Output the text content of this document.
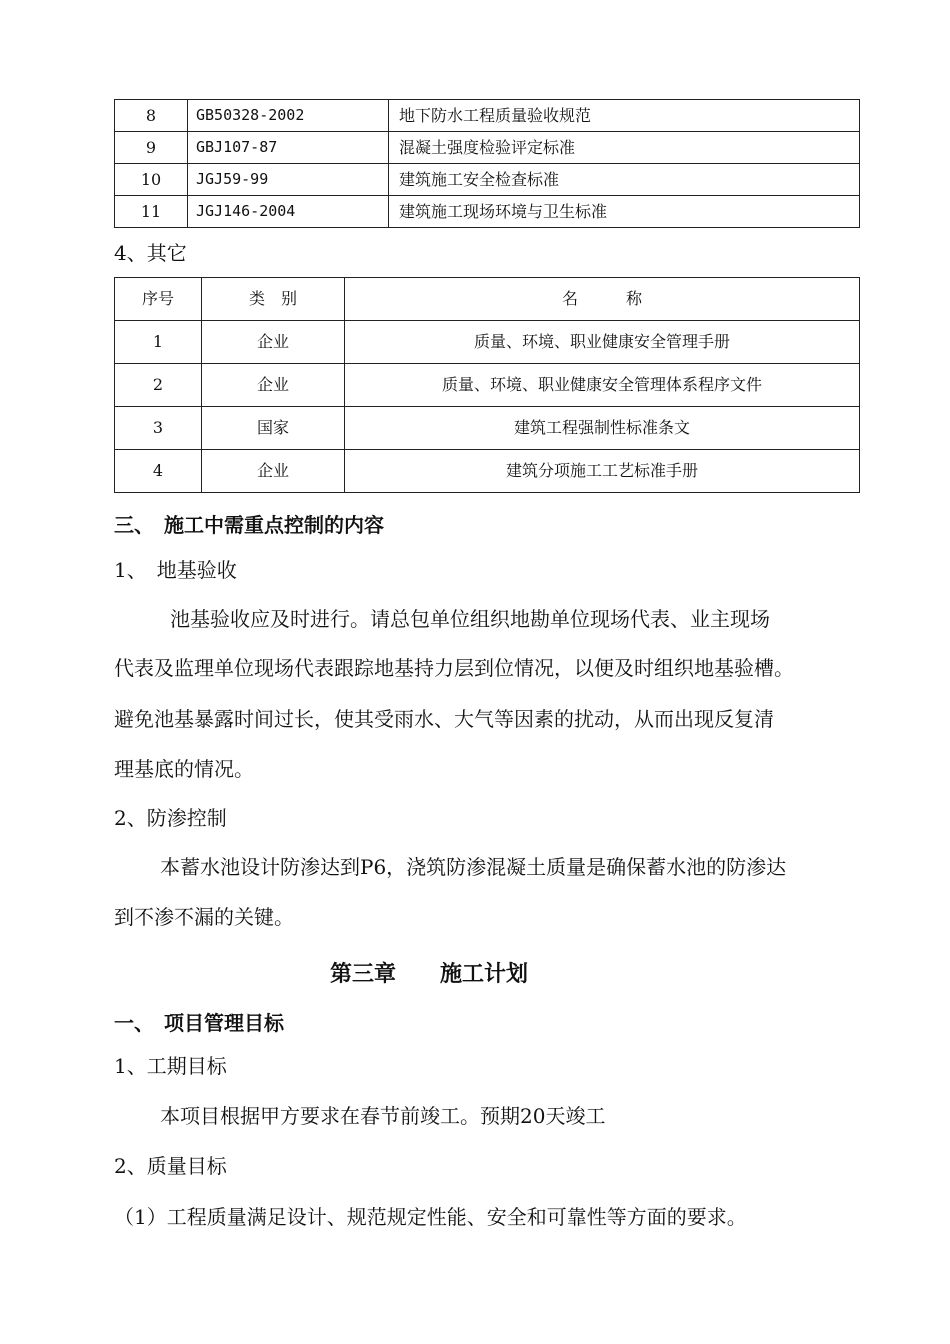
8	GB50328-2002	地下防水工程质量验收规范
9	GBJ107-87	混凝土强度检验评定标准
10	JGJ59-99	建筑施工安全检查标准
11	JGJ146-2004	建筑施工现场环境与卫生标准
4、其它
序号	类　别	名　　　称
1	企业	质量、环境、职业健康安全管理手册
2	企业	质量、环境、职业健康安全管理体系程序文件
3	国家	建筑工程强制性标准条文
4	企业	建筑分项施工工艺标准手册
三、　施工中需重点控制的内容
1、　地基验收
池基验收应及时进行。请总包单位组织地勘单位现场代表、业主现场
代表及监理单位现场代表跟踪地基持力层到位情况，以便及时组织地基验槽。
避免池基暴露时间过长，使其受雨水、大气等因素的扰动，从而出现反复清
理基底的情况。
2、防渗控制
本蓄水池设计防渗达到P6，浇筑防渗混凝土质量是确保蓄水池的防渗达
到不渗不漏的关键。
第三章　　施工计划
一、　项目管理目标
1、工期目标
本项目根据甲方要求在春节前竣工。预期20天竣工
2、质量目标
（1）工程质量满足设计、规范规定性能、安全和可靠性等方面的要求。
